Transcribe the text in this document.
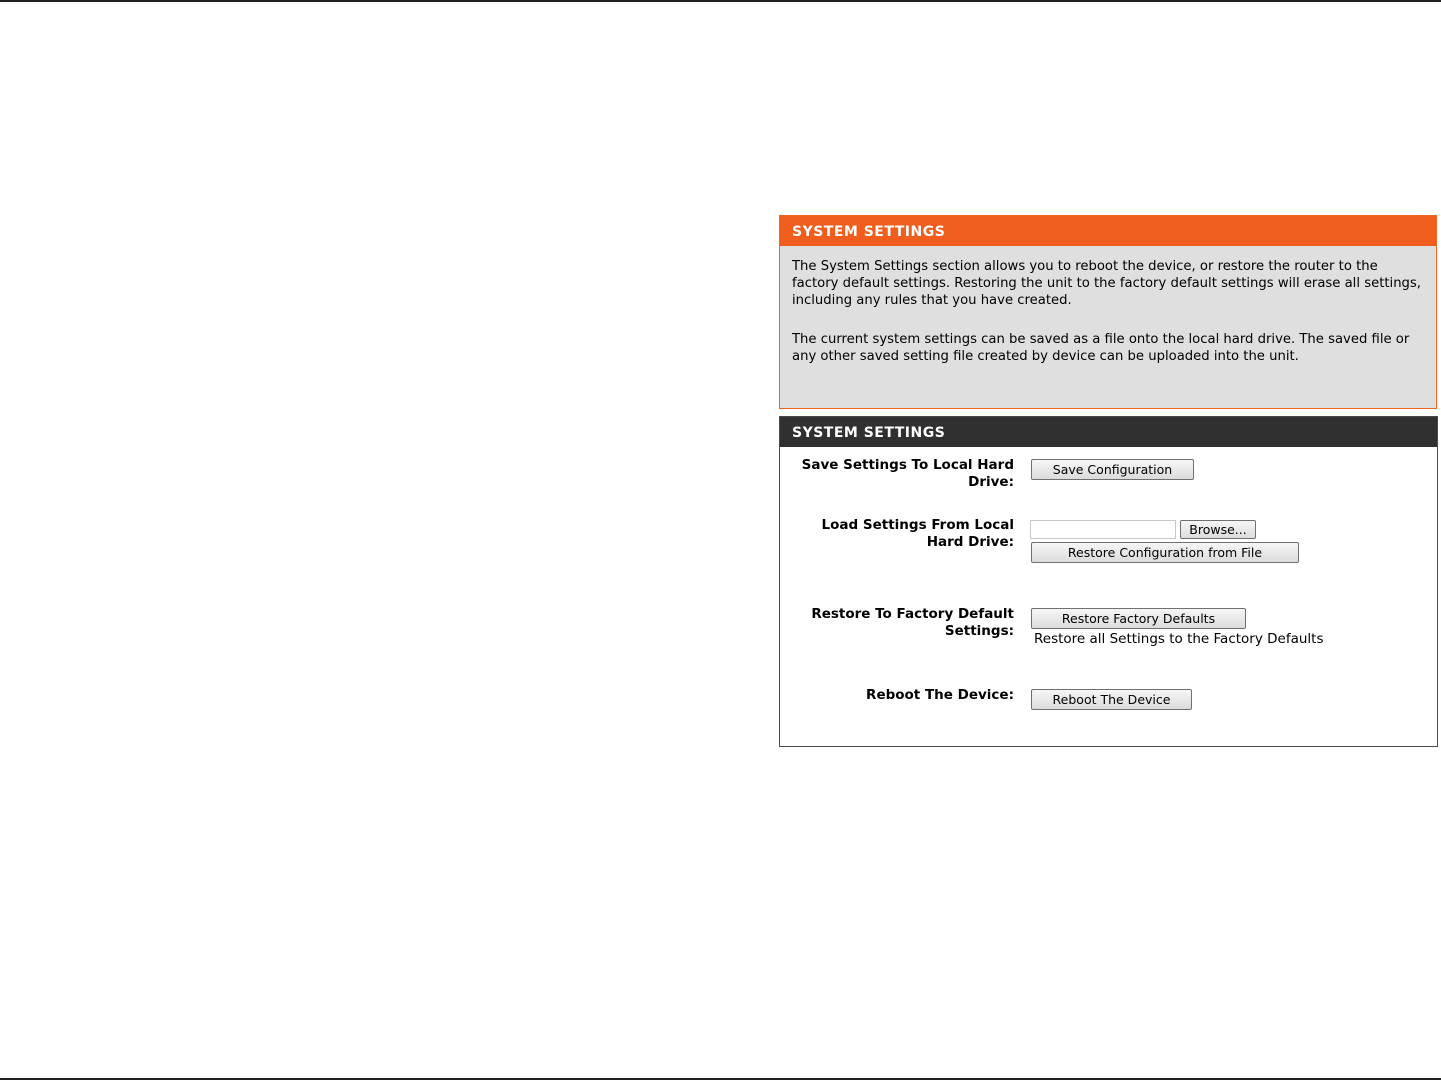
SYSTEM SETTINGS

The System Settings section allows you to reboot the device, or restore the router to the factory default settings. Restoring the unit to the factory default settings will erase all settings, including any rules that you have created.

The current system settings can be saved as a file onto the local hard drive. The saved file or any other saved setting file created by device can be uploaded into the unit.

SYSTEM SETTINGS
Save Settings To Local Hard Drive:
Save Configuration
Load Settings From Local Hard Drive:
Browse...
Restore Configuration from File
Restore To Factory Default Settings:
Restore Factory Defaults
Restore all Settings to the Factory Defaults
Reboot The Device:	Reboot The Device
